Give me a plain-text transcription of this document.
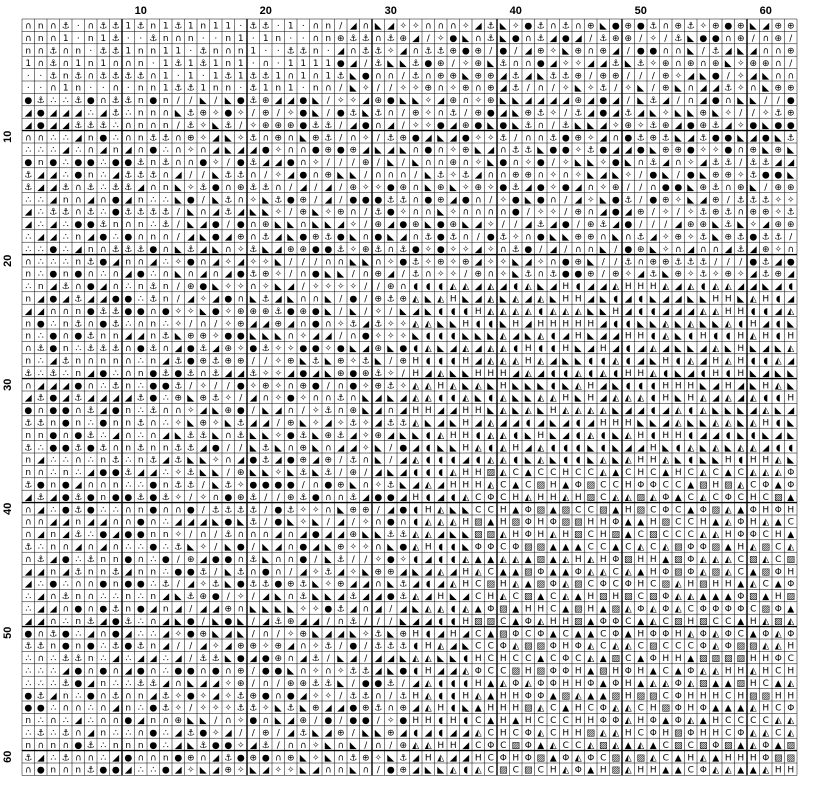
10	20	30	40	50	60
10
20
30
40
50
60
∩ n ∩ ⚓ · ∩ ⚓ ⚓ 1 ⚓ n 1 ⚓ 1 n 1 1 · ⚓ ⚓ · 1 · ∩ n / ◢ ∩ ◣ ◢ ✧ ✧ ∩ ∩ ∩ ✧ ◢ ⚓ ◣ ✧ ● ⚓ ∩ ⚓ ∩ ⊕ ◣ ● ⊕ ● ⚓ ∩ ⊕ ⚓ ✧ ⊕ ● ⊕ ◣ ◢ ⊕ ⊕
∩ n ∩ 1 · n 1 ⚓ · · ⚓ n ∩ n · · n 1 · 1 n · · ∩ n ⊕ ⚓ ⚓ ∩ ⚓ ⊕ ◢ / ✧ ● ◣ ∩ ⚓ ◣ ● ∩ ⚓ ◢ ● ◢ / ⚓ ⊕ ⊕ / ✧ / ⚓ ◣ ● ● ∩ ⊕ / ∩ ⊕ /
n ∩ ⚓ ∩ n · ⚓ ⚓ 1 n n 1 1 · ⚓ n ∩ n 1 · · ⚓ ⚓ n · ◢ ∩ ⚓ ⚓ ✧ ◢ ∩ ⚓ ⚓ ⊕ ● ⊕ / ● / ◢ ⊕ ✧ ◣ ⊕ ∩ ⊕ ◢ / ● ● ∩ ∩ ◣ / ⚓ ◢ ◣ ◢ ∩ ∩ ⊕
1 ∩ ⚓ ∩ 1 n 1 ∩ ∩ n · 1 ⚓ 1 ⚓ 1 n 1 · ∩ · 1 1 1 1 ● ◢ / ⚓ ◣ ◣ ⚓ ● ⊕ / ✧ ⊕ ◣ ⚓ ∩ ∩ ● ◢ ✧ ✧ ◢ ◢ ⚓ ◣ ⚓ ✧ ⊕ ∩ ⊕ ∩ ⊕ ◣ ✧ ⊕ ⊕ ∩ /
· · ⚓ n ⚓ ∩ ⚓ ⚓ ⚓ ⚓ ∩ 1 · 1 · 1 ⚓ 1 ⚓ ⚓ 1 ∩ 1 ∩ 1 ⚓ ◣ ● ∩ ∩ / ⚓ ∩ ⊕ ⊕ ◣ ⊕ ⊕ ◢ ⚓ ◢ ◣ ⚓ ⚓ ⊕ / ⊕ ⊕ / / / ⊕ ✧ ◢ ◣ ● / ✧ ◢ ◣ ∩ ∩
· · ∩ 1 n · · ∩ · n n 1 ⚓ ⚓ 1 n n · ⚓ 1 n 1 · n ∩ / ◣ ✧ / / ✧ ✧ ⊕ ∩ ✧ ⊕ ∩ ⊕ ◢ ⚓ / ∩ / ✧ ◣ ✧ ⚓ / ✧ ◣ / ⊕ ◣ ∩ ◢ ◢ ⚓ ✧ ∩ ◣ ⊕ ⊕
● ⚓ ∴ ∴ ⚓ ● ∩ ⚓ ⚓ n ● n / / ◣ / ◣ ● ⚓ ⊕ ◢ ◢ ● ◣ / ✧ ✧ ◢ ⊕ ● ◣ ◣ ✧ ◢ ⊕ ∩ ✧ ⊕ ◣ ◣ ◢ ◢ ◢ ◢ ⊕ ◢ ● ◢ / ◣ ⚓ ◢ / ∩ ◢ ● ∩ ◣ ◣ / / ●
◢ ● ◢ ◢ ◢ ∴ ◢ ⚓ ∴ n n ∩ ◣ ⚓ ⊕ ✧ ● ✧ / ⊕ / ✧ ● ◣ / ● ⚓ ◣ ⚓ ∩ / ⊕ ✧ ∩ ⚓ / ⊕ ● ◢ ◣ ⊕ ⚓ ✧ / ⚓ ◢ ● ◢ ⚓ ◢ ◣ ✧ ◣ ◣ ⊕ ◣ ✧ / / ✧ ⚓ ⊕
◢ ● ◢ ◢ ⚓ ⚓ ⚓ ∴ ∩ n ∩ n / ⚓ ✧ ◣ ⚓ / ✧ ⊕ ⊕ ⊕ ● ⚓ ⚓ / ◢ ● ∩ ◢ / ✧ ✧ ● ◢ ⊕ ● ◣ ● ◣ ⚓ ∩ / ⚓ ◣ ◣ ◢ ✧ ⊕ ✧ ⚓ ⊕ ◢ ● ⊕ ⚓ ◢ ✧ ● ◣ ● ●
∩ ∩ ∴ ∴ ◢ n ● ∴ ∩ n ⚓ ⚓ ∩ ⊕ ✧ ◢ ◣ ✧ ⚓ ∩ ⊕ ∩ ◣ ⊕ ⚓ / ∩ ✧ / ⚓ ⊕ ● ◢ ◣ ◢ ● ✧ ✧ ⚓ / ∩ ∩ ⚓ ● ⊕ ✧ ◢ ∩ ● ⚓ ⊕ ⚓ ◣ ◢ ⚓ ● ● ◣ ◢ ● ◣ ⚓
∴ ∴ ∴ ◢ ∴ ∩ ◢ n ◢ ∩ ● ∴ ∩ ✧ ∩ ◢ ◣ ◢ ◢ ● ✧ ∩ ∩ ● ⊕ ● ⊕ ◢ ◣ ◢ ◣ ∩ ● ∩ ✧ ⊕ ◣ ◢ ∩ ⚓ ⚓ ◣ ● ● ✧ ⚓ ● ◢ ◢ ● ◣ ⊕ ⊕ ● ✧ ✧ ● ∩ ⊕ ◣ ⊕ ◣
● n ● ∴ ● ● ∴ ● ● ⚓ n ⚓ ∩ ∩ ● ✧ / ● ⚓ ◢ ◢ ● ∩ ✧ / / / ⊕ / ◣ / ◣ ∩ ∩ ⊕ ∩ ✧ ◣ ● ∩ ✧ ● / ✧ ◣ ◣ ✧ ● ◣ ∩ ⚓ ◢ ∩ ✧ ◢ ⚓ ⚓ / ⚓ ⚓ ◢ ◢
⚓ ◢ ◢ ∴ ● n ∴ ◢ ⚓ ⚓ ⚓ ∩ ◢ / / ◣ ⚓ ⚓ ∩ / ✧ ◢ ● ∩ ⊕ ◣ ◣ / ∩ ∩ ∩ / ◣ ⚓ ✧ ⚓ ◢ ∩ ∩ ⊕ ⊕ ∩ ✧ ∩ ✧ ◣ ◢ ◣ ✧ / ● ◣ / ● ◣ ⊕ ⊕ ✧ ⚓ ● ● ◣
⚓ ◢ ◢ ⚓ ∩ ⚓ ∴ ⚓ ⚓ ◢ ∩ n ◣ ✧ ⚓ ● ∩ ⊕ ⚓ ⚓ ∩ / ◢ / ◢ / ⊕ ✧ ✧ ● ⊕ ∩ ◣ ⊕ ◣ ✧ ⊕ ✧ ● ⚓ ◢ ● ✧ ● ◢ ∩ ✧ ⊕ / / ∩ ● ● ◣ ⊕ ⚓ ∩ ⊕ ◣ / ⊕ ⊕
∴ ∴ ◢ n ∩ ◢ ∩ ● ◢ n ∴ ∴ ◣ ● / ◣ ⚓ ∩ ✧ ◣ ⚓ ● ⊕ / ◢ / ● ● ● ⚓ ⚓ ∩ ● ⊕ ◢ ● ∩ / ✧ ● ◣ ● ∩ / ◢ ✧ ◣ ● ⚓ / ● ⊕ ✧ ◣ ◢ ⊕ / ⚓ ⚓ ⚓ ✧ ✧
◢ ∴ ⚓ ⚓ ∩ ⚓ ∴ ● ⚓ ⚓ ⚓ ⚓ / ◣ ∩ ◢ ⚓ ◢ ◣ ◣ ✧ / ⊕ ◣ ✧ ⊕ ∩ / ⚓ ● ✧ ∩ ∩ ◣ ✧ ∩ ∩ ∩ ∩ ● / ✧ ✧ / ⊕ ∩ ◢ ● ◢ ⊕ / ✧ / ✧ ⚓ ⊕ ⚓ ∩ ⊕ ⊕ ✧ ⚓
◢ ∴ ◢ ∴ ● ● ⚓ n ∩ n ∴ ⚓ / ◣ ◢ ● / ● ∩ ⊕ ◣ ◣ ∩ ◣ ◣ ◢ ✧ / ⊕ ◢ ● ⊕ ◣ ● ⊕ ◣ ◢ ✧ / / ◢ ⚓ ◢ ● / ⊕ ⚓ ◢ ● / / / ◢ ⊕ ⊕ ◣ ⚓ ◣ ✧ ◢ ⊕ ⊕
∴ ◢ ◢ ∴ n ◢ ● ∴ ● ∩ n ∩ / ◢ ◣ ● ◢ ⊕ ∩ ⚓ ◢ ◣ ● ⊕ ⚓ ● ◣ ∩ ● ◣ ◢ ∩ ⚓ ● ⚓ ∩ / ● ⚓ ✧ ∩ ● ◣ ◣ ⊕ ⊕ ∩ ◣ ∩ ⚓ ◢ ✧ ⊕ ✧ ⚓ ◣ ⊕ ⚓ ● ⚓ ⚓ /
∴ ∴ ● ∴ ◢ n ∩ ⚓ ⚓ ⚓ ● ∩ ◣ ⚓ ◢ ◣ ∩ ✧ ⚓ ◣ ◢ ⊕ ⊕ ● ● ⚓ ✧ ⊕ ⚓ ∩ ⚓ ● ✧ ● ✧ ✧ ◢ ✧ ∩ ⚓ ● / ◢ / ∩ ∩ ◣ / ● ⊕ ◣ ✧ ∩ ◢ ∩ ∩ ◢ ⚓ ◢ ⊕ ✧ ∩
∩ ∴ ∴ ∴ n ⚓ ● ◢ n ∩ ◢ ∴ ✧ ● ∩ ◢ ✧ ◢ ✧ ✧ ◣ / / / ∩ ∩ ◣ ◣ ∩ ✧ ● ⚓ ✧ ⊕ ✧ ⊕ ◢ ✧ ✧ ◣ ◢ ✧ ∩ ● ⊕ ◣ / / ⚓ ∩ ⊕ ⊕ ⚓ ⚓ ⚓ / / / ● ⚓ ◢ ●
n ∴ ● n ● ∩ ∴ ∩ ◢ ● ∴ ∩ ◣ ∩ ◢ ∩ ◢ ● ⚓ ⊕ ✧ / ∩ ● ◣ ◣ / ∩ ⊕ ◢ / ⚓ ∩ ✧ ✧ / ⊕ ∩ ✧ ◣ ⚓ ∩ ⚓ ● ● ⊕ / ⊕ ✧ ◢ ⚓ ◣ ⊕ ✧ ⚓ ✧ ⊕ ✧ ◢ ⚓ ⊕ ◢
∴ n ◢ ⚓ ∩ ● ◢ ∩ ∴ n ⚓ n / ⊕ ● ◣ ✧ ✧ ∩ ✧ ◣ ◢ / ✧ ✧ ✧ ✧ / / ⊕ ∩ ◖ ◖ ◖ ◭ ◭ ◢ ◭ ◢ ◖ ◭ ◣ ◢ H ◖ ◢ ◢ ◭ H H H ◭ ◢ ◭ ◖ ◭ ◭ ◢ ◢ ◣ ◢ ◖
n ◢ ● ◢ ⚓ ◢ ◢ ● ● ∴ ⚓ n / ◢ ✧ ◢ ● ∩ ◣ ⚓ ◢ ◣ ∩ ∩ ◣ / ● / ⊕ ⚓ ⊕ ◭ ◣ ◭ H ◣ ◢ ◭ ◣ ◭ ◢ ◭ ◣ H H ◢ ◣ ◖ ◢ ◖ ◣ ◢ ◢ ◣ ◣ H H ◣ ◭ H ◖ ◢
◢ ◢ ∩ ∩ n ● ⚓ ⚓ ● ● ∩ ● ✧ ✧ ◣ ● ✧ ⊕ ⊕ ⊕ ⚓ ● ⊕ ● ◣ / ◣ / ✧ / ◣ ◢ ◣ ◖ ◖ ◖ H ◭ ◭ ◭ ◭ ◖ ◭ ◭ ◭ ◣ ◣ H ◢ ◖ ◖ ◢ ◢ ◢ ◭ ◭ H H ◖ ◖ ◢ ◭
n ● ∴ n ⚓ ∩ ● ⚓ ∴ ∩ n ∴ ✧ / ∩ / ✧ ⊕ ◢ ◢ ⊕ ◢ ∩ ● ∩ ✧ ⚓ ◢ ⚓ ✧ ✧ ◭ ◭ ◣ ◣ H ◖ ◖ ◣ H ◢ H H H H H ◢ ◖ ◖ ◣ ◣ ◭ ◣ ◭ ◣ ◣ ◭ ◖ H ◢ ◖ ◣
n ∴ ● ∩ ● ⚓ n n ◢ ◢ n ⚓ ◣ ⊕ ⊕ ✧ ● ● ◣ ◣ ◣ ∩ ✧ ◢ ◢ / ∩ ● ✧ ✧ ✧ ◣ ◖ ◖ ◖ ◣ ◣ ◣ ◭ ◢ ◣ ◭ ◖ ◢ H ◣ ◢ ◢ H H ◖ ◭ ◣ ◖ H ◖ ◖ H ◭ H ◖ H
∩ ⚓ ● n ∴ ⚓ ⚓ ⚓ ∩ ● ⚓ ∩ ◢ ● ⚓ ◢ ⊕ ✧ ● ⚓ ✧ ✧ ● ● ✧ ● ◣ ◢ ⊕ ◣ ● ◖ ◭ ◣ ◢ ◭ ◢ ◭ ◭ ◖ H ◖ ◖ H ◣ ◢ H ◢ ◖ ◢ ◭ ◢ ◣ ◣ ◢ ◭ ◣ H ◣ ◢ ◣ ◭
n ∴ ◢ ⚓ n ∩ n n ∩ ∴ n ◢ ⚓ ● ⊕ ⚓ ⊕ ⊕ / / ✧ ⊕ ◣ ⚓ ◣ ⊕ ✧ ⚓ ◣ / ⊕ H ◖ ◖ ◖ H ◢ ◭ ◭ ◭ H ◭ ◢ ◣ ◣ ◖ ◖ ◭ ◖ ◢ ◣ H ◖ ◭ ◢ H ◭ H ◖ ◖ ◭ ◢
⚓ ∴ ⚓ ∴ n ◢ ● ∴ ∩ n ● ⚓ ● ⚓ ∩ ⚓ ◢ ◢ ⚓ ✧ ✧ ◢ ● ◢ ◣ ⊕ ● ⊕ ⚓ ✧ / H ◢ ◭ ◣ ◣ H H H ◢ ◭ ◢ ◖ ◖ ◭ ◖ ◭ ◖ H H ◭ ◖ ◣ ◢ ◖ H ◖ H ◣ ◢ ◣ ◣
∩ ◢ ◢ ◢ ● ∩ ∴ ⚓ n ∴ ● ● ⚓ / ✧ / / ● ✧ ⊕ ✧ ∩ ⊕ ● / ∩ ● ✧ ⊕ ⚓ ✧ ◭ ◭ H ◭ ◣ ◭ ◣ H ◣ ◣ ◣ ◖ ◣ ◭ H ◢ ◣ ◖ ◖ ◖ H H H ◣ ◢ H ◢ ◣ H ◭ ◣
◢ ⚓ ● ◢ ⚓ ◢ ◢ ◢ ◢ ⚓ ● ∴ ⊕ ◣ ⊕ ⚓ ✧ / ◢ ∩ ✧ ● ✧ ∩ ∩ ⚓ ∩ ◣ ◢ ◣ ◢ ◭ ◭ ◖ ◖ ◭ ◣ ◖ ◭ ◣ ◣ ◭ ◭ H ◣ H ◢ ◭ ◭ ◭ ◖ H ◣ H ◭ ◢ ◭ ◢ ◭ ◖ ◖ H
● ∩ ● ● ∩ ⚓ ◢ ● n ∴ ⚓ ∩ ∩ ✧ ◢ ◣ ⊕ ● / ◣ ◢ ∩ / ✧ ⚓ ∩ ⊕ ◣ ◢ ∩ ◢ H H ◢ ◢ H H ◣ ◭ ◣ ◭ ◣ H ◭ ◭ ◭ ◭ ◣ ◢ ◢ ◖ ◢ ◭ ◖ ◭ ◣ ◣ ◣ ◢ ◭ ◣ ◢
⚓ ⚓ n ● n ∴ ● n n ⚓ ∩ ∴ ✧ ◣ ⊕ ✧ ◣ ⚓ ◢ ◢ / ⊕ ◣ ✧ ◢ ✧ ⚓ ✧ ◢ ⚓ ⚓ ◭ ◣ ◢ ◣ H ◢ ◭ ◢ ◢ ◖ ◢ ◣ ◢ ◖ ◢ H H H ◣ ◣ ◢ ◭ ◣ ◣ ◭ ◭ ◣ ◭ H ◖ ◣
n n ● ∩ ● ⚓ ∴ ◢ ∩ ∴ ∩ ◢ ◣ ⚓ ⚓ ◣ ∩ ⚓ ◣ ◣ ✧ ● ⚓ ◣ ⊕ ⚓ ◢ ✧ ⊕ ◢ ◣ ◣ ◖ ◭ H H ◖ ◭ ◭ ◖ ◣ H ◣ ◢ ◖ ◭ ◖ ◣ ◭ H ◖ H H ◖ ◢ ◢ ◖ ◣ ◖ ◣ ◢ ◣
⚓ ∴ ● ● ⚓ ● ⚓ ∩ n ⚓ n n ⚓ ⚓ ◢ ● / / ◣ ⚓ ◣ ∩ ⊕ ◣ ∩ ◢ ◢ ✧ ◣ / ● ◢ ◖ ◣ ◣ H ◭ ◖ ◭ H ◢ ◭ ◖ ◖ ◖ ◣ ◖ ◣ ◢ ◢ H ◣ ◖ ◭ ◣ ◭ ◣ ◭ ◭ ◢ ◖ ◖
n ◢ ∴ ∴ ∩ ∴ n ⚓ ∴ n ⚓ ◢ ⚓ ◣ ◣ ✧ ∩ ◢ ● ⚓ ◢ ● ⊕ ◢ ⊕ / ⚓ ∩ ◣ / ◢ ◭ ◖ ◖ ◖ ◢ ◖ ◭ ◭ ◖ ◣ ◭ ◣ ◖ ◖ ◣ ◭ ◣ ◭ H H ◭ ◣ ◖ ◣ ◣ H ◖ H H ◭ ◣
n ∩ ∴ n ∴ ◢ ● ● ⚓ ◢ ◢ ∴ ✧ ⚓ ◣ ◣ / ⊕ ◣ ◣ ✧ ◣ ⚓ ◣ ⚓ / ⊕ / ◢ ◣ ◢ ◖ ◖ ◖ ◭ H H ▨ ◭ C ▲ C C H C C ◭ ▲ C H C ▲ H C ◭ C ▲ C ◭ ◭ ◭ Φ
⚓ ● n ● ◢ ∩ ∩ n ∴ ∴ ● n ⚓ ⚓ / ◣ ⚓ ✧ ● ● ● ● / ∩ ● ⊕ ◣ ∩ ✧ ⚓ ◣ ◢ ◭ ◢ H H H ◭ C ▲ C ▨ H ▲ Φ ▨ C C H Φ Φ C C ▲ ▨ H ▨ ◭ C Φ ▲ Φ
◢ ⚓ ◢ ● ⚓ ● n ● ● ⚓ ● ⚓ ✧ / ✧ ∩ ● ⊕ ⚓ / / ⊕ ⚓ ● ∩ ∩ ⚓ ◢ ● ● ◢ H ◖ ◢ ◖ ◭ C Φ C H ◭ H H ◭ H ▨ C ◭ ◭ ▨ ◭ Φ ▲ C ◭ C Φ C H C ▨ ▲
∩ ◢ ∴ ● ⚓ ● ∴ ∴ ∩ n ● ∩ ∩ ● / ⚓ ⚓ ⚓ ⚓ / ● ⚓ ✧ ✧ ∩ ◣ ⊕ ⊕ / ◢ ● ◖ H ◭ ◣ ◣ C C H ▲ Φ ▨ ▲ ▨ C C ▨ ▲ H ▨ C Φ C ▲ Φ ▨ ◭ ▲ Φ H Φ H
∩ ∩ ◢ ◢ n ◢ ◢ ∩ ∩ ● ∩ ∴ ◢ ◢ ◢ ◣ ● ◣ ⚓ / ● ◣ ✧ ◣ / ◢ / ✧ ∩ ● ∩ ◖ ◭ ◭ ◭ H ▨ ▲ H ▨ Φ H Φ ▨ ▨ H H Φ ▲ ▲ H ▨ C C H ▲ ◭ Φ H ◭ ▲ C
∩ ◢ n ◢ ⚓ ∴ ● ◢ ● ● n n ✧ / ∩ / ⚓ ∩ ∩ ∩ ◢ ∩ ◢ ● ◢ ◢ ⊕ ◣ ◣ ⚓ ⚓ ◭ ◭ ◢ ◣ ◣ ▨ ▨ ◭ H Φ H ◭ H ▨ C H ▨ ▲ C ▨ C C C ◭ ◭ H Φ Φ C H ▲
⚓ ∴ n ∩ ◢ ∩ ◢ ∩ ∴ ∴ ● ∴ ⚓ ◣ ✧ / ◣ ● / ◣ ◢ ∩ ● ◢ ◣ ⊕ ✧ ✧ ∩ ◣ ● ◭ H ◖ ◖ ◣ Φ Φ C Φ ▨ ▨ ▲ ▲ ▲ C C ▲ C ◭ C ◭ ▨ Φ Φ ▨ ▲ H ◭ ▨ C ◭
∩ ⚓ ◢ ● ∴ ⚓ n n ● ∩ ∴ ● / ⊕ ◢ ● ● ∩ ⚓ ◣ ∩ ∩ ● / ◣ ⚓ / / ✧ ● ✧ ◖ ◢ ◖ ◖ ◭ ▲ ▲ ◭ ◭ ▲ ▨ ▲ ◭ H ◭ H Φ ▨ H H ▲ ▨ Φ ◭ ◭ ◭ C ▨ ◭ C ▨
◢ ◢ n ◢ ⚓ n n ⚓ ◢ n n ∴ ● ● ⚓ / ◣ ⚓ ∩ ● ∩ / ◢ ✧ ⚓ ◢ ✧ ◣ ⊕ ⊕ ◢ ◣ ◢ ◭ ◢ H ◭ C ▲ ▲ ▨ Φ ▲ ▲ Φ ◭ ◭ C ◭ ▲ H Φ ▨ Φ ◭ ▨ ◭ C ▲ ▨ Φ H
◢ ∴ ● ∴ ∩ ∩ ● n ● ● ∴ ⚓ / ◢ ✧ ⚓ ◣ ● ⚓ ⚓ ● ⊕ ⚓ ◣ ✧ ⊕ ◢ ◢ ∩ ◣ ⚓ ◢ ◖ ◢ ◭ H C ▨ H ◭ ▲ ▨ Φ ◭ ▨ C Φ C Φ H C ▨ ◭ H ▨ H H ▲ ◭ C ▲ Φ
∴ ◢ ∩ ⚓ n ∩ ∴ ∴ n ∴ n ◢ ◣ ⚓ ⊕ ● / ✧ / ◢ ◣ ∩ ⚓ ◣ ◣ ◢ ⚓ ◢ ◢ ● ⚓ ◭ ◢ H ◣ ◢ C H ◭ C ▨ ▲ C ◭ ▲ H ▨ H ▨ C ▨ Φ ◭ ◭ ▲ ▲ ▲ Φ ▨ ▲ H ▨
∴ ◢ ◢ ∩ ● ∩ ● ⚓ n ● ◢ n ◢ / ◢ ◢ ⊕ ∩ ◣ ◣ ◣ ◣ ✧ ✧ ● ⚓ ◢ ∩ ◢ / ◢ ◣ ◭ ◭ ◖ ◭ ▲ Φ ▨ ▲ H H C ▲ ▨ H ▲ ▨ ◭ Φ ◭ Φ ◭ C Φ Φ Φ Φ C ▨ Φ ▲
◢ ◢ ∩ ∴ n ⚓ ◢ ● ⚓ ∴ ∩ ◢ ◣ ● / ◣ ● ◣ / ◢ ⚓ ⊕ ◢ ◢ / ∩ ⚓ / / / ◣ ◢ ◢ ◖ ◖ H ▨ ▨ C ▲ Φ ◭ H H ▨ ▲ Φ Φ C ▲ ◭ C ▨ H ▨ C C ▲ H ◭ ▨ ◭
● ∩ ⚓ ● ∴ ◢ ∩ ● ◢ ∴ ∴ ◢ ✧ ● ⊕ ◣ ◢ ◣ / ∩ / ✧ ⊕ ◣ ◢ ◢ ◣ ✧ ⚓ ◣ ⊕ H ◖ ◢ H ◢ C ▲ ▨ Φ C Φ ▲ C ▲ ▲ C Φ ▲ H Φ Φ H ◭ Φ ◭ Φ C ▲ Φ ◭ Φ
⚓ ⚓ n ● n ● ∴ ⚓ ● ⚓ n ◢ / / ◢ ✧ ◢ ⊕ ⊕ ✧ ⊕ ◢ ∩ ✧ ⚓ / ● / ⚓ ⚓ ⚓ ◖ H ◭ ◢ ◣ C C Φ ◭ ▨ ▨ Φ H Φ ◭ C ◭ ◭ C ▨ C C C Φ ◭ Φ ▨ ▨ ◭ ◭ H
∴ ∩ ∴ ⚓ ⚓ n ∴ ◢ ∴ ◢ ◢ ∴ ◢ / ⚓ ⚓ ◣ ● ◢ ● ⊕ ∩ ◢ ⚓ / ◣ ◢ / ◢ ◢ ◣ ◭ ◭ ◣ ◣ ◖ H C H C C ▲ C Φ C ◭ ▲ ▨ C ▲ Φ H H ▲ ▨ ▨ ▨ ▨ H H Φ C
∴ ∴ ∴ ◢ ● ∩ ● ∩ ◢ ● ∩ ∴ ● ● ∩ ● ∩ ⊕ / ● ● ◣ ∩ ✧ ∩ ✧ ⚓ ⚓ ◢ ◣ ● ◖ H ◢ ◢ ◭ Φ C C ▨ H ▨ Φ Φ H ▲ ▨ H Φ H ▲ C ▲ Φ ◭ ◭ H H ◭ H C H
∴ ∴ ∴ ⚓ ● ◢ n ∴ ∴ ⚓ ⚓ ◢ ∩ ◣ ◢ ◢ ✧ ⊕ / ∩ / ⊕ ⊕ ⚓ ⚓ ◣ / ● ● ⚓ / ◢ ◭ ◖ ◖ ◖ H ▲ ◭ Φ ◭ Φ Φ H H Φ ▲ Φ H ▲ ◭ ◭ Φ ◭ ▨ ▲ ▲ ▨ H C ▲ ◭
● ⚓ ◢ n ∴ ● ∩ ⚓ ∩ n ◢ ⚓ ✧ ● ✧ ◢ ✧ ⚓ ⊕ ● ∩ ● ◢ ✧ ✧ / ⚓ ⚓ ∩ / ⚓ H ◭ ◖ ◖ H ◭ ▲ H H Φ Φ ▲ ▨ ◭ ▲ ▲ ▨ H ▨ ▨ C Φ H H H C H ▨ ▨ H H
● ● ∴ ∩ ∩ ∴ ∩ ◢ n ∴ ● ⚓ ✧ / ✧ ✧ ✧ ⚓ ⚓ ✧ ◣ ⚓ ◣ ⊕ ◢ ◢ ● ⊕ ⚓ ∩ ⊕ ◢ ◭ H ◖ ◣ ▲ H H H ▨ ◭ C ▲ H C Φ ◭ ◭ C H ▨ Φ H Φ ▲ ▲ ▲ ◭ H C Φ
n ∴ ∩ ∴ ◢ ∴ ∩ ∩ ● ◢ n ∩ ⊕ ◣ ◣ / ∩ ✧ ● ∩ ◣ ◢ ⊕ / ● / ● ● / ✧ ● H H ◖ H ◖ C ▲ H ▲ H C C C H H Φ Φ ◭ H Φ ▲ Φ ◭ ▲ H C C C C ◭ ◭
∴ ⚓ ∴ ⚓ ∩ ◢ n ∴ ∴ ∩ ● ∴ ◢ ⚓ ● ✧ ◢ / / ⊕ / ◢ ⚓ ◣ ◢ ⊕ / ◣ ◣ ⊕ ◢ ◖ ◢ ◖ ◢ ◢ ◭ C H C Φ ◭ C H H ▨ ◭ ◭ H C Φ H ▨ Φ H H C Φ ◭ ◭ C ◭
n ∩ n ∩ ● ⚓ ∴ n n n ● ∴ ◢ ◣ ⚓ ● ● ✧ ◢ ⚓ / ∩ ∩ ✧ ◣ ∩ ◣ / ∩ / ⊕ ◭ ◭ H H ◢ C Φ C ▨ Φ ▲ ◭ C C ◭ ▨ ◭ ▲ ◭ ▲ C ▨ C ▨ Φ ▨ ▲ ◭ Φ ▲ ▨
⚓ ◢ ∴ ⚓ ∩ ∩ ∴ ◢ ● ∩ ∩ n ● ⊕ ∩ ◢ ⚓ ● ⊕ ● ∩ ⊕ ◣ ✧ ◣ ∩ ⚓ ⊕ ✧ ◣ ⚓ ◢ H ◭ ◢ ◢ H C Φ H Φ ▨ ▲ Φ ◭ Φ C ▨ ◭ ▨ ◭ C ▲ H ◭ ▲ H H H Φ ▨ ▨
∩ ● n ∩ n ⚓ ● ● ◢ ∴ ∴ ● ◢ ✧ ◣ ◢ ⊕ ✧ ◣ ◢ ✧ ✧ ◣ ◢ ∩ ∩ ◣ ∩ / ● ⊕ ◢ ◣ ◣ ◭ ◖ ◭ C ▨ C ▨ C H ◭ Φ ▲ H ▨ ◭ H H ▲ ▲ C Φ ◭ ◭ ▲ ▲ ◭ H H
